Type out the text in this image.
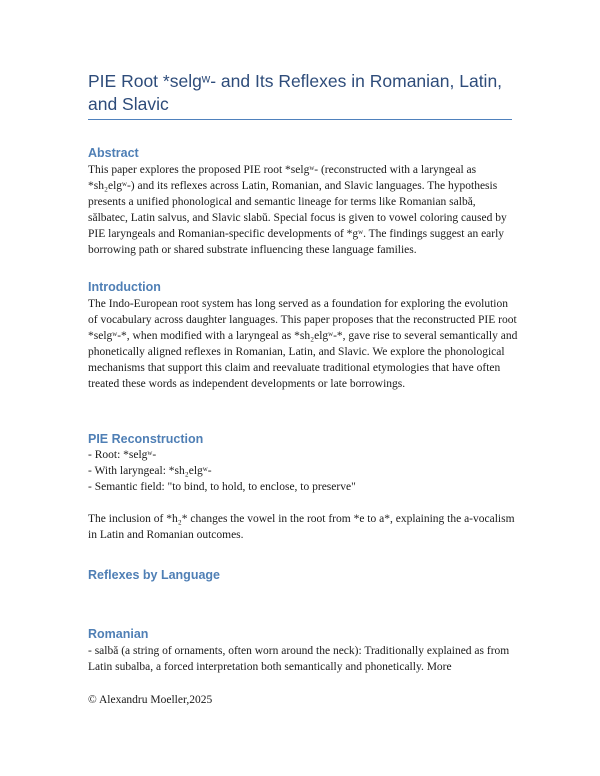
PIE Root *selgʷ- and Its Reflexes in Romanian, Latin, and Slavic
Abstract

This paper explores the proposed PIE root *selgʷ- (reconstructed with a laryngeal as *sh₂elgʷ-) and its reflexes across Latin, Romanian, and Slavic languages. The hypothesis presents a unified phonological and semantic lineage for terms like Romanian salbă, sălbatec, Latin salvus, and Slavic slabŭ. Special focus is given to vowel coloring caused by PIE laryngeals and Romanian-specific developments of *gʷ. The findings suggest an early borrowing path or shared substrate influencing these language families.

Introduction

The Indo-European root system has long served as a foundation for exploring the evolution of vocabulary across daughter languages. This paper proposes that the reconstructed PIE root *selgʷ-*, when modified with a laryngeal as *sh₂elgʷ-*, gave rise to several semantically and phonetically aligned reflexes in Romanian, Latin, and Slavic. We explore the phonological mechanisms that support this claim and reevaluate traditional etymologies that have often treated these words as independent developments or late borrowings.

PIE Reconstruction
- Root: *selgʷ-
- With laryngeal: *sh₂elgʷ-
- Semantic field: "to bind, to hold, to enclose, to preserve"

The inclusion of *h₂* changes the vowel in the root from *e to a*, explaining the a-vocalism in Latin and Romanian outcomes.

Reflexes by Language
Romanian

- salbă (a string of ornaments, often worn around the neck): Traditionally explained as from Latin subalba, a forced interpretation both semantically and phonetically. More

© Alexandru Moeller,2025
